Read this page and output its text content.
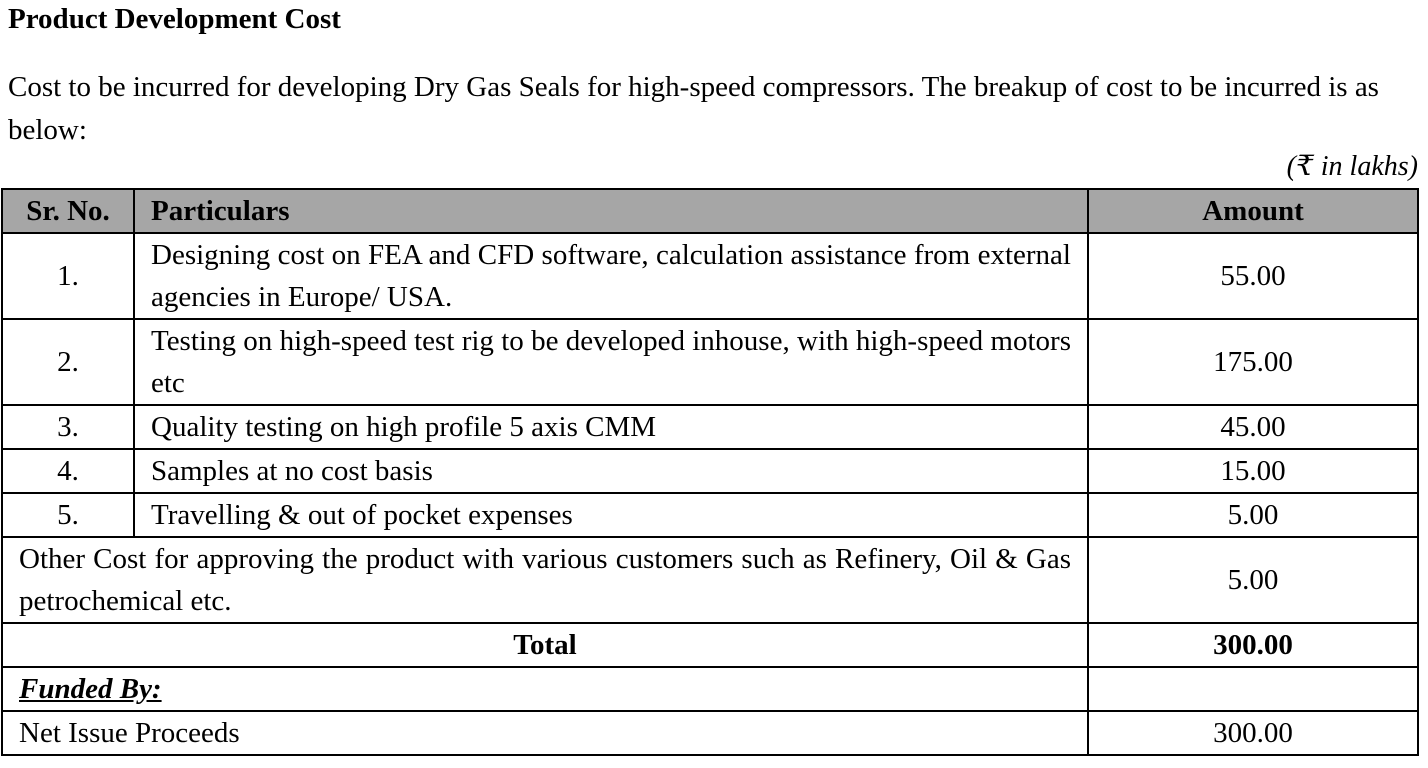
Product Development Cost
Cost to be incurred for developing Dry Gas Seals for high-speed compressors. The breakup of cost to be incurred is as below:
(₹ in lakhs)
Sr. No.	Particulars	Amount
1.	Designing cost on FEA and CFD software, calculation assistance from external agencies in Europe/ USA.	55.00
2.	Testing on high-speed test rig to be developed inhouse, with high-speed motors etc	175.00
3.	Quality testing on high profile 5 axis CMM	45.00
4.	Samples at no cost basis	15.00
5.	Travelling & out of pocket expenses	5.00
Other Cost for approving the product with various customers such as Refinery, Oil & Gas petrochemical etc.		5.00
Total		300.00
Funded By:		
Net Issue Proceeds		300.00
